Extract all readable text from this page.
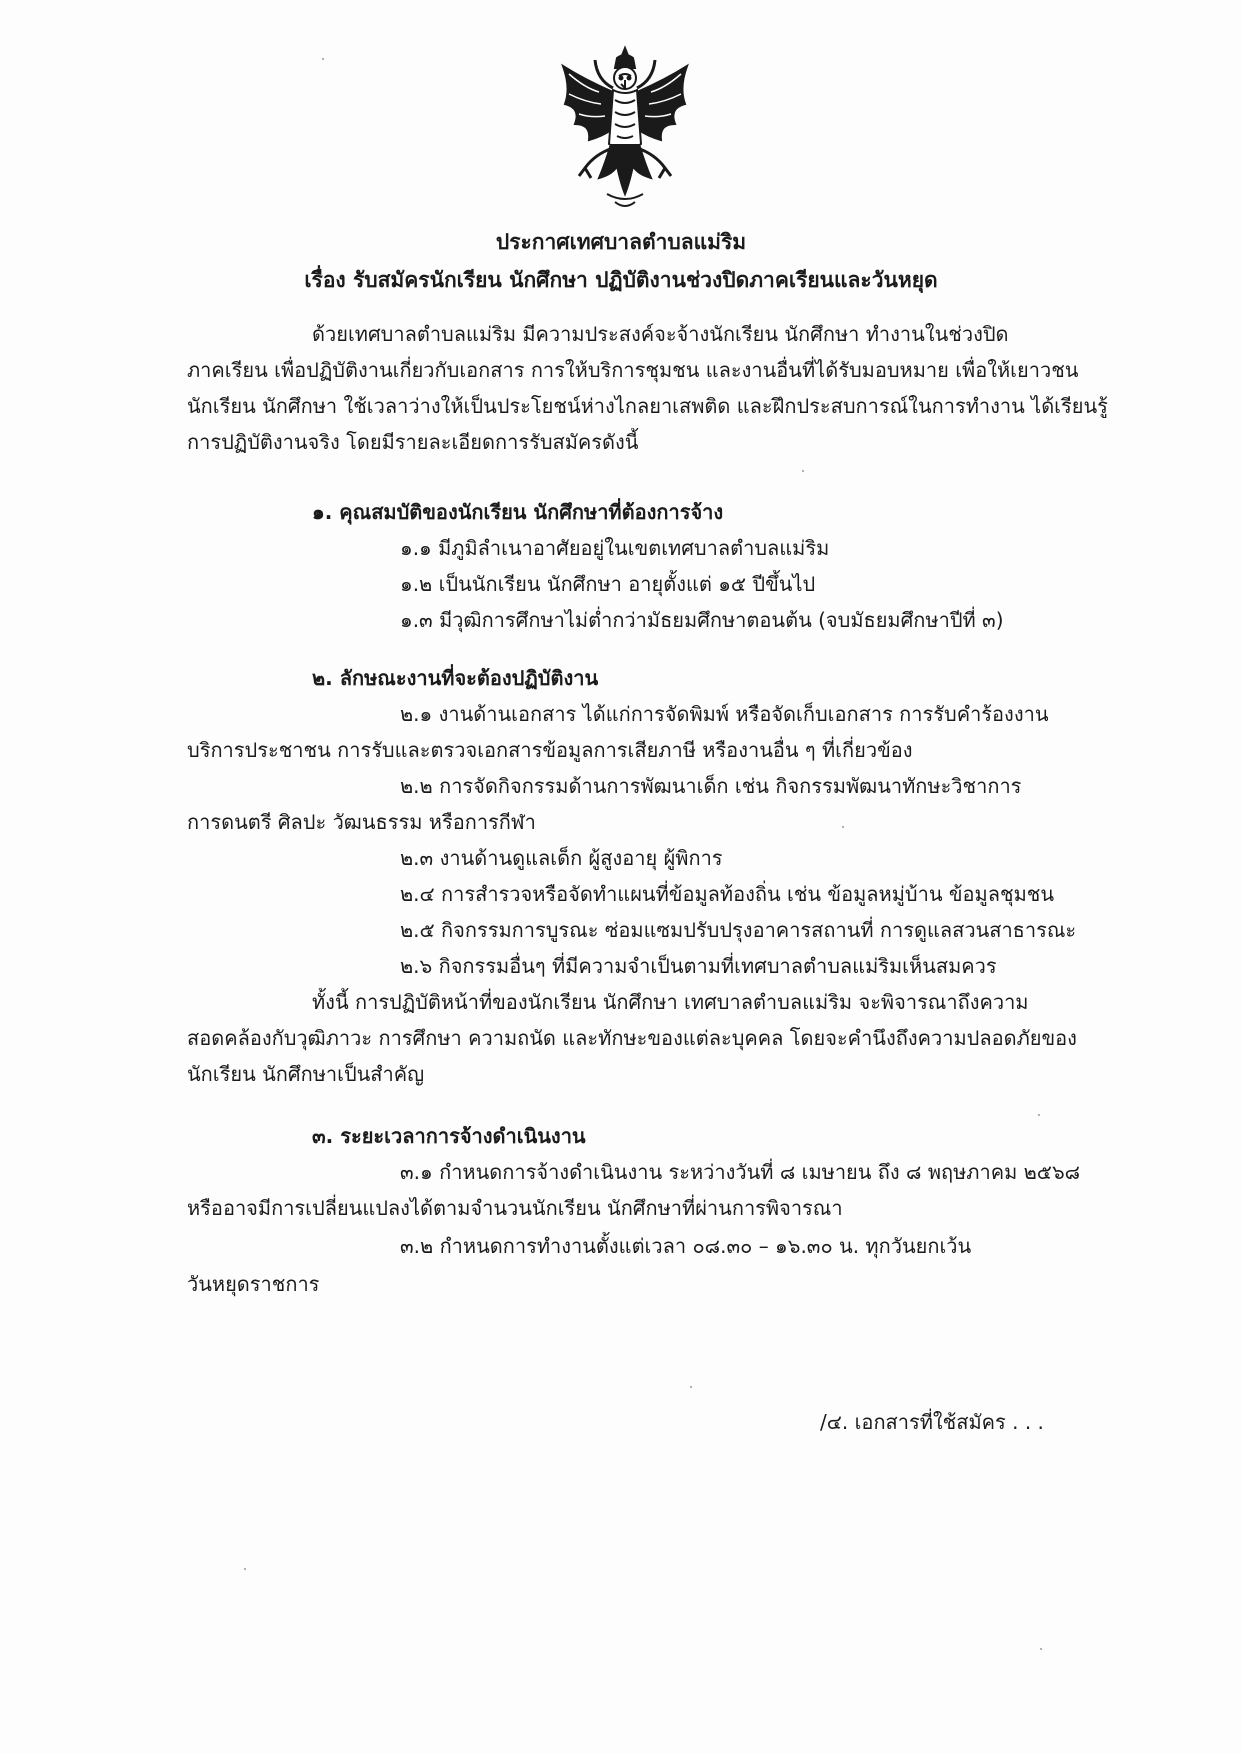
ประกาศเทศบาลตำบลแม่ริม
เรื่อง รับสมัครนักเรียน นักศึกษา ปฏิบัติงานช่วงปิดภาคเรียนและวันหยุด
ด้วยเทศบาลตำบลแม่ริม มีความประสงค์จะจ้างนักเรียน นักศึกษา ทำงานในช่วงปิด
ภาคเรียน เพื่อปฏิบัติงานเกี่ยวกับเอกสาร การให้บริการชุมชน และงานอื่นที่ได้รับมอบหมาย เพื่อให้เยาวชน
นักเรียน นักศึกษา ใช้เวลาว่างให้เป็นประโยชน์ห่างไกลยาเสพติด และฝึกประสบการณ์ในการทำงาน ได้เรียนรู้
การปฏิบัติงานจริง โดยมีรายละเอียดการรับสมัครดังนี้
๑. คุณสมบัติของนักเรียน นักศึกษาที่ต้องการจ้าง
๑.๑ มีภูมิลำเนาอาศัยอยู่ในเขตเทศบาลตำบลแม่ริม
๑.๒ เป็นนักเรียน นักศึกษา อายุตั้งแต่ ๑๕ ปีขึ้นไป
๑.๓ มีวุฒิการศึกษาไม่ต่ำกว่ามัธยมศึกษาตอนต้น (จบมัธยมศึกษาปีที่ ๓)
๒. ลักษณะงานที่จะต้องปฏิบัติงาน
๒.๑ งานด้านเอกสาร ได้แก่การจัดพิมพ์ หรือจัดเก็บเอกสาร การรับคำร้องงาน
บริการประชาชน การรับและตรวจเอกสารข้อมูลการเสียภาษี หรืองานอื่น ๆ ที่เกี่ยวข้อง
๒.๒ การจัดกิจกรรมด้านการพัฒนาเด็ก เช่น กิจกรรมพัฒนาทักษะวิชาการ
การดนตรี ศิลปะ วัฒนธรรม หรือการกีฬา
๒.๓ งานด้านดูแลเด็ก ผู้สูงอายุ ผู้พิการ
๒.๔ การสำรวจหรือจัดทำแผนที่ข้อมูลท้องถิ่น เช่น ข้อมูลหมู่บ้าน ข้อมูลชุมชน
๒.๕ กิจกรรมการบูรณะ ซ่อมแซมปรับปรุงอาคารสถานที่ การดูแลสวนสาธารณะ
๒.๖ กิจกรรมอื่นๆ ที่มีความจำเป็นตามที่เทศบาลตำบลแม่ริมเห็นสมควร
ทั้งนี้ การปฏิบัติหน้าที่ของนักเรียน นักศึกษา เทศบาลตำบลแม่ริม จะพิจารณาถึงความ
สอดคล้องกับวุฒิภาวะ การศึกษา ความถนัด และทักษะของแต่ละบุคคล โดยจะคำนึงถึงความปลอดภัยของ
นักเรียน นักศึกษาเป็นสำคัญ
๓. ระยะเวลาการจ้างดำเนินงาน
๓.๑ กำหนดการจ้างดำเนินงาน ระหว่างวันที่ ๘ เมษายน ถึง ๘ พฤษภาคม ๒๕๖๘
หรืออาจมีการเปลี่ยนแปลงได้ตามจำนวนนักเรียน นักศึกษาที่ผ่านการพิจารณา
๓.๒ กำหนดการทำงานตั้งแต่เวลา ๐๘.๓๐ – ๑๖.๓๐ น. ทุกวันยกเว้น
วันหยุดราชการ
/๔. เอกสารที่ใช้สมัคร . . .
